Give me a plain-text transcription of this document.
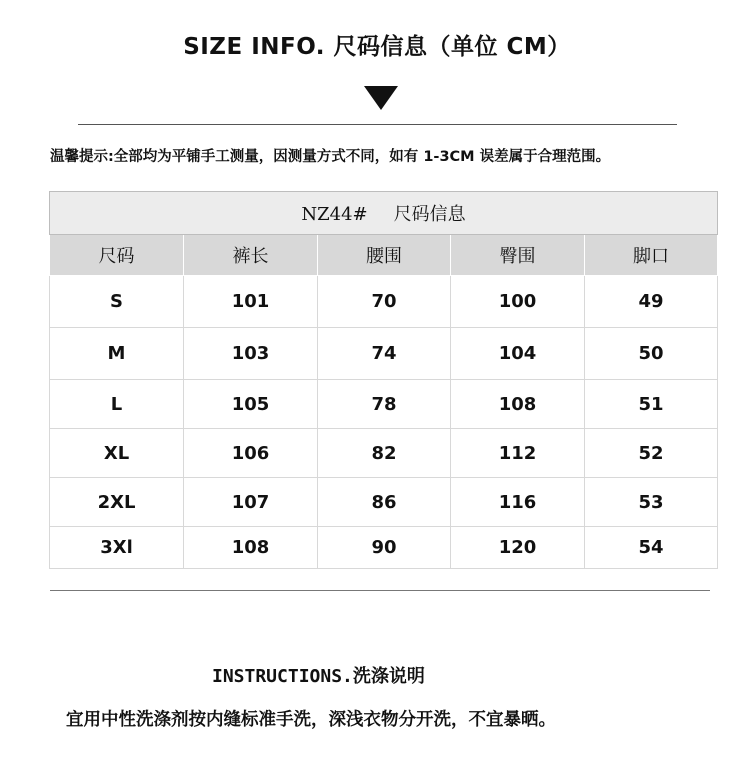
SIZE INFO. 尺码信息（单位 CM）
温馨提示:全部均为平铺手工测量，因测量方式不同，如有 1-3CM 误差属于合理范围。
NZ44# 尺码信息				
尺码	裤长	腰围	臀围	脚口
S	101	70	100	49
M	103	74	104	50
L	105	78	108	51
XL	106	82	112	52
2XL	107	86	116	53
3Xl	108	90	120	54
INSTRUCTIONS.洗涤说明
宜用中性洗涤剂按内缝标准手洗，深浅衣物分开洗，不宜暴晒。
